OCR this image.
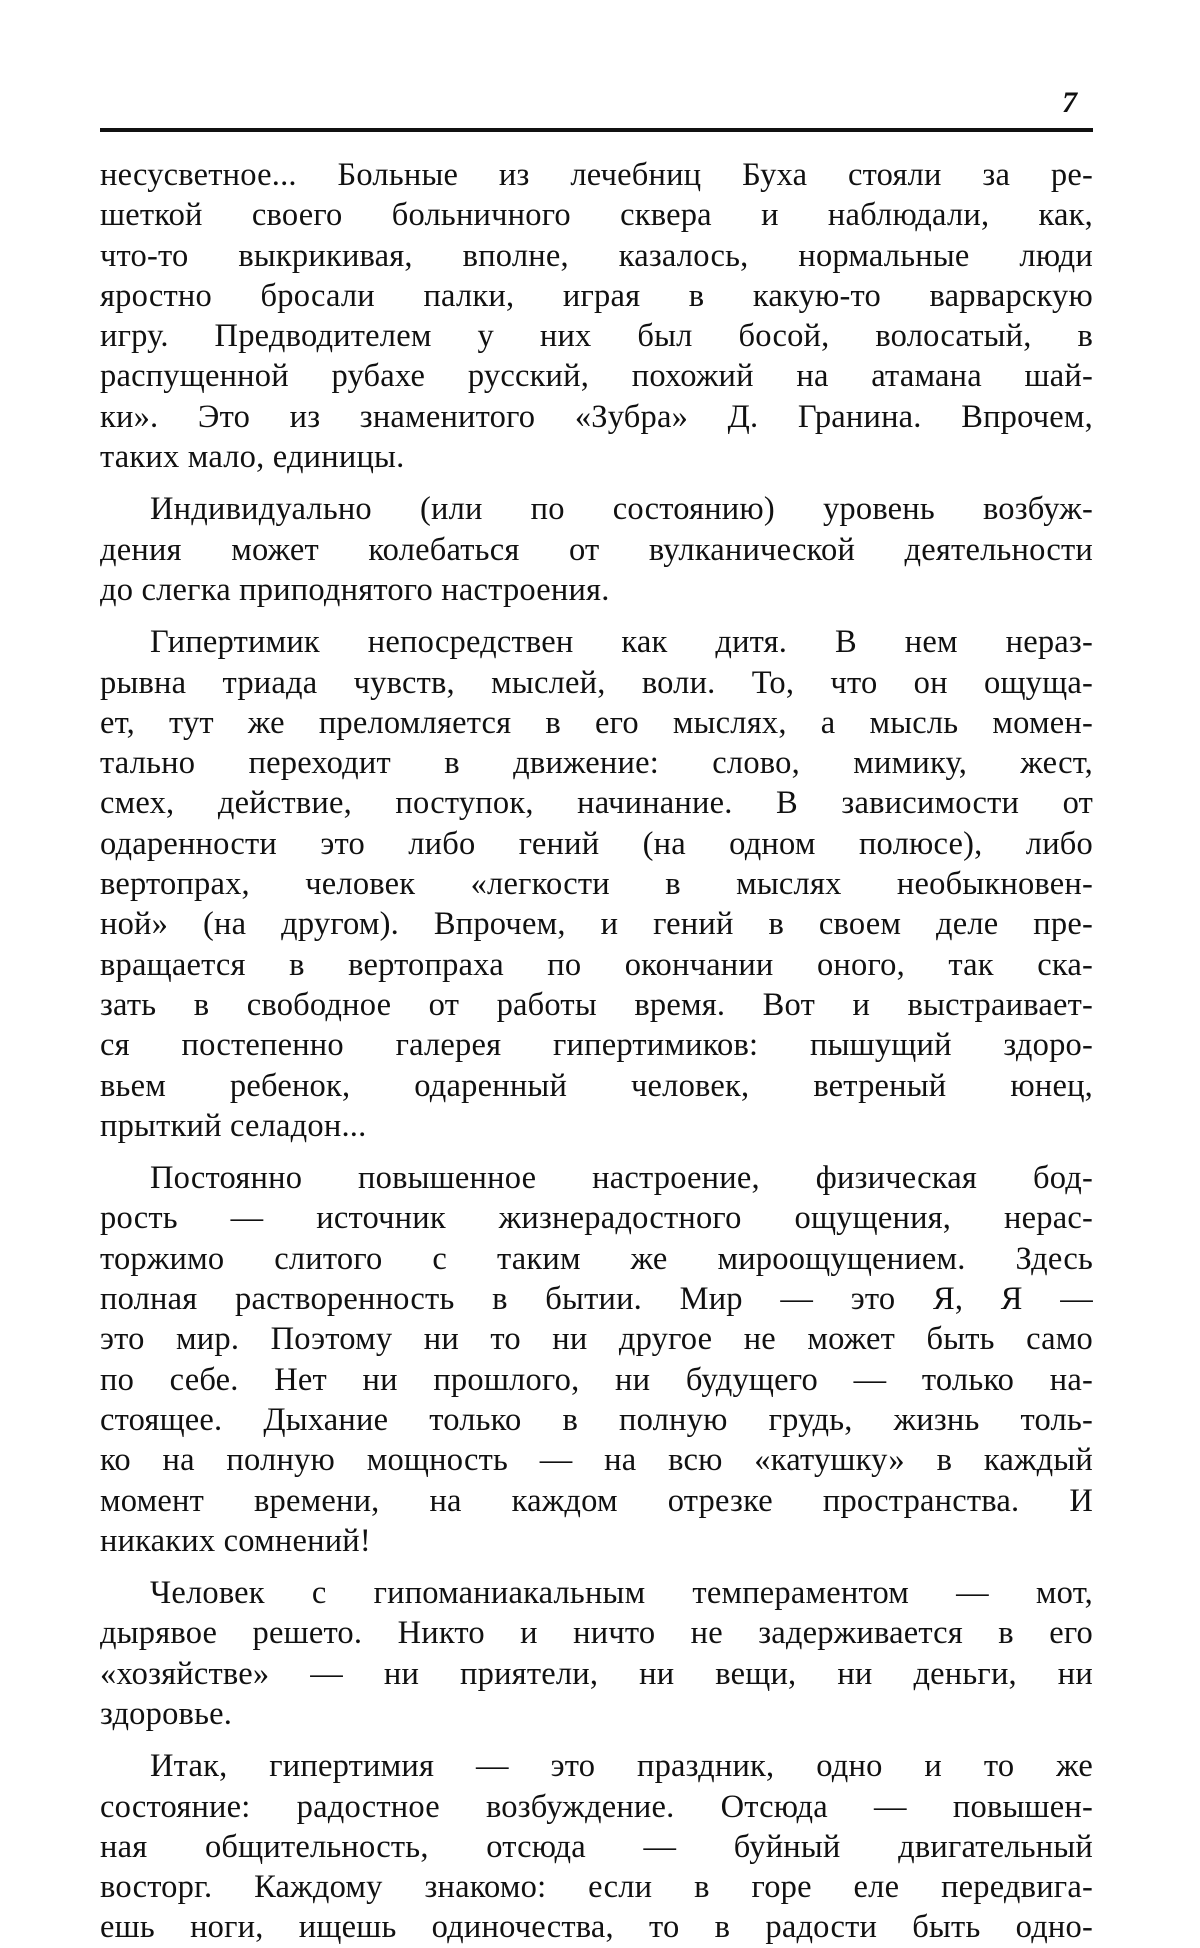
7
несусветное... Больные из лечебниц Буха стояли за ре-
шеткой своего больничного сквера и наблюдали, как,
что-то выкрикивая, вполне, казалось, нормальные люди
яростно бросали палки, играя в какую-то варварскую
игру. Предводителем у них был босой, волосатый, в
распущенной рубахе русский, похожий на атамана шай-
ки». Это из знаменитого «Зубра» Д. Гранина. Впрочем,
таких мало, единицы.
Индивидуально (или по состоянию) уровень возбуж-
дения может колебаться от вулканической деятельности
до слегка приподнятого настроения.
Гипертимик непосредствен как дитя. В нем нераз-
рывна триада чувств, мыслей, воли. То, что он ощуща-
ет, тут же преломляется в его мыслях, а мысль момен-
тально переходит в движение: слово, мимику, жест,
смех, действие, поступок, начинание. В зависимости от
одаренности это либо гений (на одном полюсе), либо
вертопрах, человек «легкости в мыслях необыкновен-
ной» (на другом). Впрочем, и гений в своем деле пре-
вращается в вертопраха по окончании оного, так ска-
зать в свободное от работы время. Вот и выстраивает-
ся постепенно галерея гипертимиков: пышущий здоро-
вьем ребенок, одаренный человек, ветреный юнец,
прыткий селадон...
Постоянно повышенное настроение, физическая бод-
рость — источник жизнерадостного ощущения, нерас-
торжимо слитого с таким же мироощущением. Здесь
полная растворенность в бытии. Мир — это Я, Я —
это мир. Поэтому ни то ни другое не может быть само
по себе. Нет ни прошлого, ни будущего — только на-
стоящее. Дыхание только в полную грудь, жизнь толь-
ко на полную мощность — на всю «катушку» в каждый
момент времени, на каждом отрезке пространства. И
никаких сомнений!
Человек с гипоманиакальным темпераментом — мот,
дырявое решето. Никто и ничто не задерживается в его
«хозяйстве» — ни приятели, ни вещи, ни деньги, ни
здоровье.
Итак, гипертимия — это праздник, одно и то же
состояние: радостное возбуждение. Отсюда — повышен-
ная общительность, отсюда — буйный двигательный
восторг. Каждому знакомо: если в горе еле передвига-
ешь ноги, ищешь одиночества, то в радости быть одно-
